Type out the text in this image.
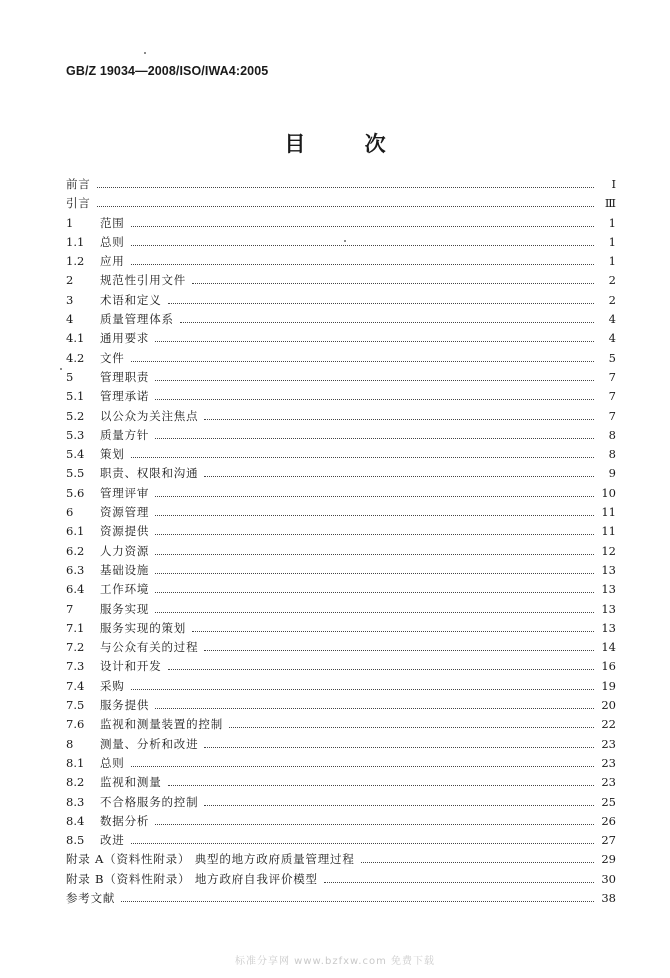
GB/Z 19034—2008/ISO/IWA4:2005
目 次
前言	Ⅰ
引言	Ⅲ
1	范围	1
1.1	总则	1
1.2	应用	1
2	规范性引用文件	2
3	术语和定义	2
4	质量管理体系	4
4.1	通用要求	4
4.2	文件	5
5	管理职责	7
5.1	管理承诺	7
5.2	以公众为关注焦点	7
5.3	质量方针	8
5.4	策划	8
5.5	职责、权限和沟通	9
5.6	管理评审	10
6	资源管理	11
6.1	资源提供	11
6.2	人力资源	12
6.3	基础设施	13
6.4	工作环境	13
7	服务实现	13
7.1	服务实现的策划	13
7.2	与公众有关的过程	14
7.3	设计和开发	16
7.4	采购	19
7.5	服务提供	20
7.6	监视和测量装置的控制	22
8	测量、分析和改进	23
8.1	总则	23
8.2	监视和测量	23
8.3	不合格服务的控制	25
8.4	数据分析	26
8.5	改进	27
附录 A（资料性附录） 典型的地方政府质量管理过程	29
附录 B（资料性附录） 地方政府自我评价模型	30
参考文献	38
标准分享网 www.bzfxw.com 免费下载
